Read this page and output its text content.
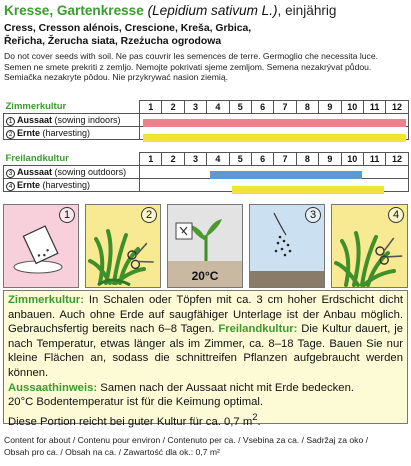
Kresse, Gartenkresse (Lepidium sativum L.), einjährig
Cress, Cresson alénois, Crescione, Kreša, Grbica,
Řeřicha, Žerucha siata, Rzeżucha ogrodowa
Do not cover seeds with soil. Ne pas couvrir les semences de terre. Germoglio che necessita luce.
Semen ne smete prekriti z zemljo. Nemojte pokrivati sjeme zemljom. Semena nezakrývat půdou.
Semiačka nezakryte pôdou. Nie przykrywać nasion ziemią.
Zimmerkultur	1	2	3	4	5	6	7	8	9	10	11	12
1 Aussaat (sowing indoors)												
2 Ernte (harvesting)												
Freilandkultur	1	2	3	4	5	6	7	8	9	10	11	12
3 Aussaat (sowing outdoors)												
4 Ernte (harvesting)												
1	2
20°C
3	4
Zimmerkultur: In Schalen oder Töpfen mit ca. 3 cm hoher Erdschicht dicht anbauen. Auch ohne Erde auf saugfähiger Unterlage ist der Anbau möglich. Gebrauchsfertig bereits nach 6–8 Tagen. Freilandkultur: Die Kultur dauert, je nach Temperatur, etwas länger als im Zimmer, ca. 8–18 Tage. Bauen Sie nur kleine Flächen an, sodass die schnittreifen Pflanzen aufgebraucht werden können.
Aussaathinweis: Samen nach der Aussaat nicht mit Erde bedecken.
20°C Bodentemperatur ist für die Keimung optimal.
Diese Portion reicht bei guter Kultur für ca. 0,7 $m^2$.
Content for about / Contenu pour environ / Contenuto per ca. / Vsebina za ca. / Sadržaj za oko /
Obsah pro ca. / Obsah na ca. / Zawartość dla ok.: 0,7 m²
